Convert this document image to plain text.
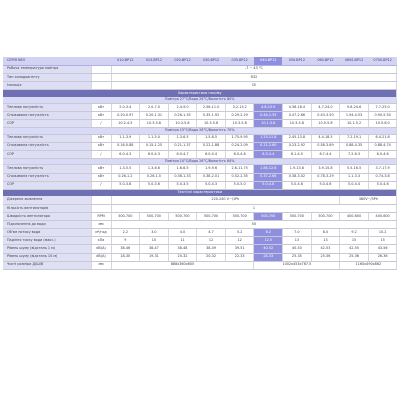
СЕРІЯ NEO		010-BP12	015-BP12	020-BP12	030-BP12	035-BP12	040-BP12	050-BP12	060-BP12	060S-BP12	070S-BP12
Робоча температура повітря		-7 ~ 43 °C									
Тип холодоагенту		R32									
Ізоляція		CE									
Характеристики нагріву											
Повітря 27°С/Вода 26°С/Вологість 80%											
Теплова потужність	кВт	2.0-3.4	2.0-7.0	2.4-9.0	2.56-11.0	3.2-13.2	4.8-15.9	4.36-18.4	4.7-24.0	9.8-24.6	7.7-25.0
Споживана потужність	кВт	0.20-0.97	0.20-1.31	0.26-1.35	0.35-1.92	0.29-2.29	0.44-2.55	0.47-2.66	0.43-3.50	1.94-4.53	0.90-5.50
COP	/	10.2-4.5	10.3-5.8	10.3-5.8	10.3-5.8	10.3-5.8	10.1-5.8	10.3-5.8	10.5-5.8	10.1-5.2	10.5-6.0
Повітря 15°С/Вода 26°С/Вологість 70%											
Теплова потужність	кВт	1.1-3.9	1.1-5.0	1.3-6.5	1.5-8.5	1.75-9.95	1.23-11.8	2.45-13.8	4.4-18.5	7.2-19.1	6.4-21.8
Споживана потужність	кВт	0.16-0.88	0.15-1.25	0.21-1.37	0.22-1.88	0.24-2.09	0.21-2.60	0.23-2.92	0.58-3.69	0.88-4.35	0.88-4.74
COP	/	6.0-4.3	6.0-4.3	6.0-4.7	6.0-4.4	6.0-4.8	6.3-4.4	6.1-4.5	6.7-4.4	7.2-6.3	6.0-4.6
Повітря 10°С/Вода 26°С/Вологість 64%											
Теплова потужність	кВт	1.3-5.5	1.3-6.6	1.6-6.5	1.9-9.6	2.6-11.75	1.86-12.6	1.9-13.6	3.9-15.8	5.5-16.5	3.7-17.9
Споживана потужність	кВт	0.26-1.2	0.26-1.5	0.36-1.33	0.38-2.01	0.52-2.35	0.37-2.66	0.38-3.02	0.78-3.29	1.1-3.3	0.74-3.8
COP	/	5.0-3.8	5.0-3.6	5.0-3.5	5.0-4.3	5.0-5.0	5.0-4.8	5.0-4.6	5.0-4.6	5.0-4.4	5.0-4.6
Технічні характеристики											
Джерело живлення		220-240 V~/1Ph								380V~/3Ph	
Кількість вентиляторів		1									
Швидкість вентилятора	RPM	500-700	500-700	500-700	500-700	500-700	500-700	500-700	500-700	400-600	400-600
Підключення до води	мм	50									
Об'єм потоку води	м³/год	2.2	3.0	4.0	4.7	5.2	6.2	7.0	8.0	9.2	10.2
Падіння тиску води (макс.)	кПа	9	10	11	12	12	12.5	13	13	15	15
Рівень шуму (відстань 1 м)	dB(A)	38-46	38-47	38-48	38-49	39-51	40-52	40-53	42-53	42-55	43-56
Рівень шуму (відстань 10 м)	dB(A)	18-30	19-31	20-32	20-32	22-33	24-33	25-35	25-36	25-36	26-36
Чисті розміри Д/Ш/В	мм	888х360х605					1002х453х767.5			1160х490х862	
